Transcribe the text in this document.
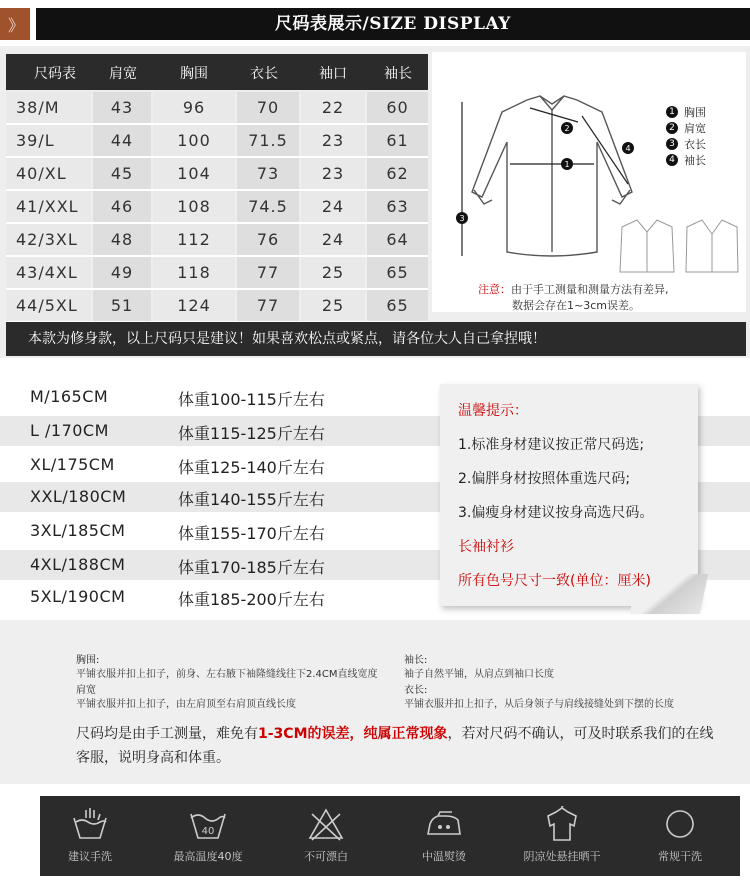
》	尺码表展示/SIZE DISPLAY
尺码表 肩宽	胸围	衣长	袖口	袖长
38/M	43	96	70	22	60
39/L	44	100	71.5	23	61
40/XL	45	104	73	23	62
41/XXL	46	108	74.5	24	63
42/3XL	48	112	76	24	64
43/4XL	49	118	77	25	65
44/5XL	51	124	77	25	65
1
2
4
3
1 胸围
2 肩宽
3 衣长
4 袖长
注意：由于手工测量和测量方法有差异,
数据会存在1~3cm误差。
本款为修身款，以上尺码只是建议！如果喜欢松点或紧点，请各位大人自己拿捏哦！
M/165CM	体重100-115斤左右
L /170CM	体重115-125斤左右
XL/175CM	体重125-140斤左右
XXL/180CM	体重140-155斤左右
3XL/185CM	体重155-170斤左右
4XL/188CM	体重170-185斤左右
5XL/190CM	体重185-200斤左右
温馨提示：
1.标准身材建议按正常尺码选;
2.偏胖身材按照体重选尺码;
3.偏瘦身材建议按身高选尺码。
长袖衬衫
所有色号尺寸一致(单位：厘米)
胸围:
平铺衣服并扣上扣子，前身、左右腋下袖隆缝线往下2.4CM直线宽度
肩宽
平铺衣服并扣上扣子，由左肩顶至右肩顶直线长度
袖长:
袖子自然平铺，从肩点到袖口长度
衣长:
平铺衣服并扣上扣子，从后身领子与肩线接缝处到下摆的长度
尺码均是由手工测量，难免有1-3CM的误差，纯属正常现象，若对尺码不确认，可及时联系我们的在线客服，说明身高和体重。
建议手洗
40
最高温度40度	不可漂白	中温熨烫	阴凉处悬挂晒干	常规干洗
